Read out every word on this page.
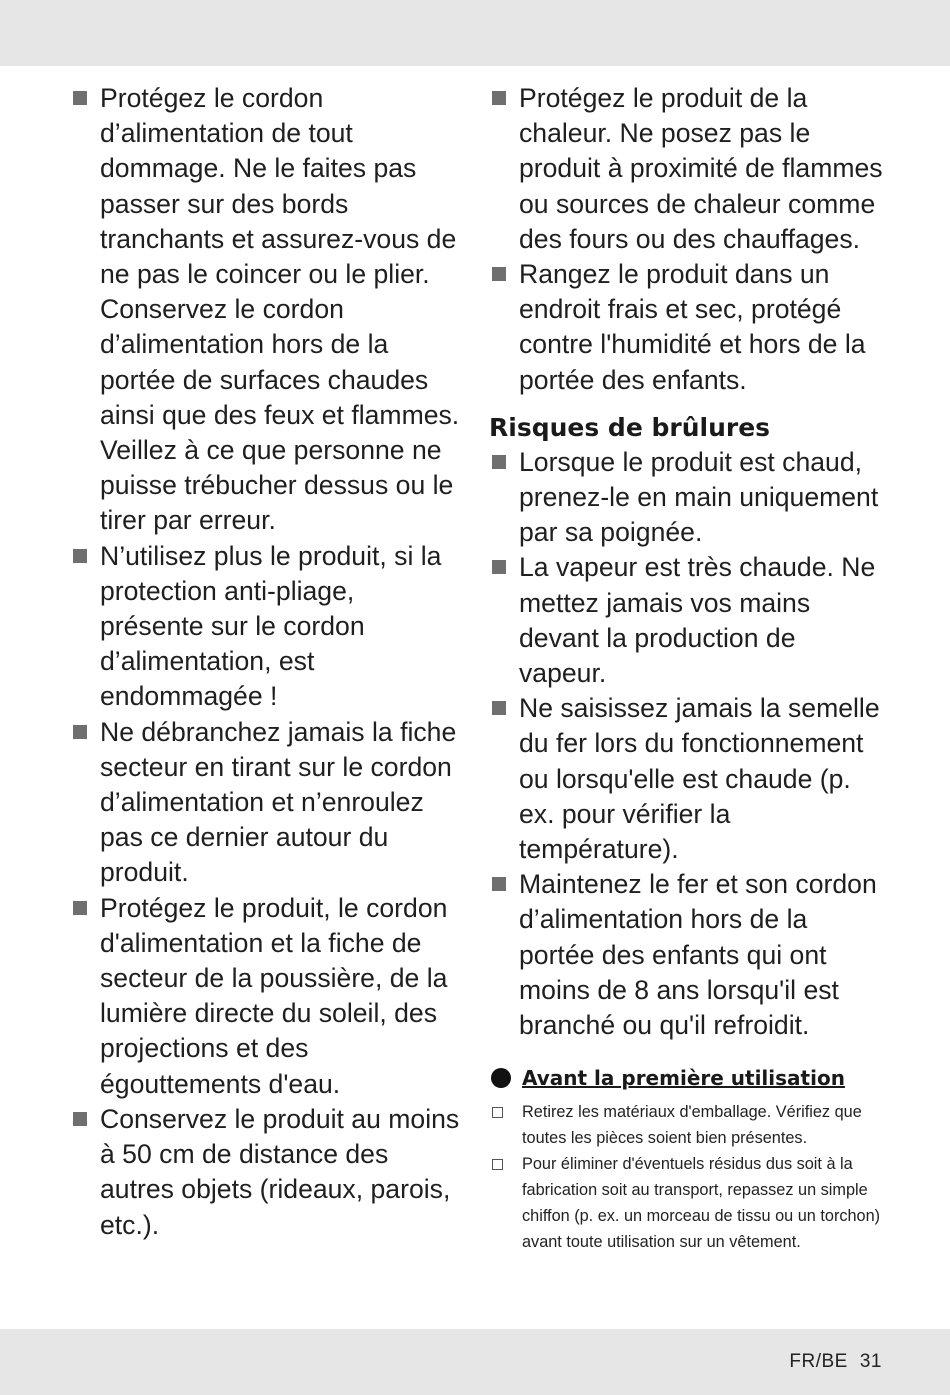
Protégez le cordon d’alimentation de tout dommage. Ne le faites pas passer sur des bords tranchants et assurez-vous de ne pas le coincer ou le plier. Conservez le cordon d’alimentation hors de la portée de surfaces chaudes ainsi que des feux et flammes. Veillez à ce que personne ne puisse trébucher dessus ou le tirer par erreur.
N’utilisez plus le produit, si la protection anti-pliage, présente sur le cordon d’alimentation, est endommagée !
Ne débranchez jamais la fiche secteur en tirant sur le cordon d’alimentation et n’enroulez pas ce dernier autour du produit.
Protégez le produit, le cordon d'alimentation et la fiche de secteur de la poussière, de la lumière directe du soleil, des projections et des égouttements d'eau.
Conservez le produit au moins à 50 cm de distance des autres objets (rideaux, parois, etc.).
Protégez le produit de la chaleur. Ne posez pas le produit à proximité de flammes ou sources de chaleur comme des fours ou des chauffages.
Rangez le produit dans un endroit frais et sec, protégé contre l'humidité et hors de la portée des enfants.
Risques de brûlures
Lorsque le produit est chaud, prenez-le en main uniquement par sa poignée.
La vapeur est très chaude. Ne mettez jamais vos mains devant la production de vapeur.
Ne saisissez jamais la semelle du fer lors du fonctionnement ou lorsqu'elle est chaude (p. ex. pour vérifier la température).
Maintenez le fer et son cordon d’alimentation hors de la portée des enfants qui ont moins de 8 ans lorsqu'il est branché ou qu'il refroidit.
Avant la première utilisation
Retirez les matériaux d'emballage. Vérifiez que toutes les pièces soient bien présentes.
Pour éliminer d'éventuels résidus dus soit à la fabrication soit au transport, repassez un simple chiffon (p. ex. un morceau de tissu ou un torchon) avant toute utilisation sur un vêtement.
FR/BE 31
